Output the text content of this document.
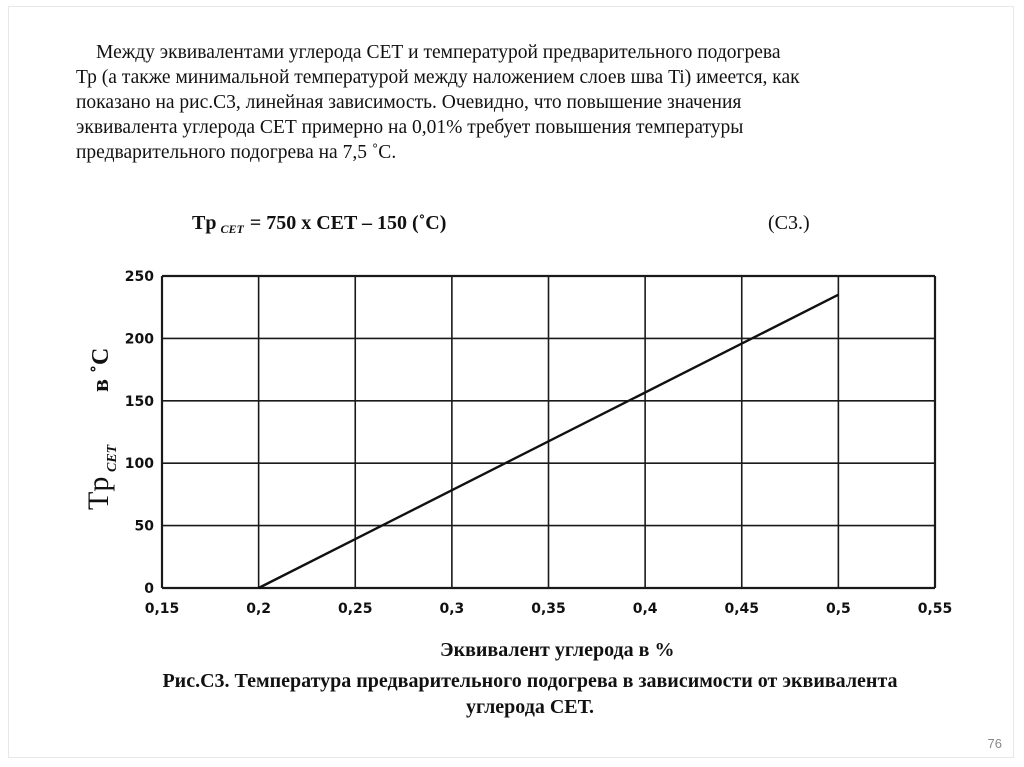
Между эквивалентами углерода СЕТ и температурой предварительного подогрева
Тр (а также минимальной температурой между наложением слоев шва Ti) имеется, как
показано на рис.С3, линейная зависимость. Очевидно, что повышение значения
эквивалента углерода СЕТ примерно на 0,01% требует повышения температуры
предварительного подогрева на 7,5 ˚С.

Tp $_{CET}$ = 750 x CET – 150 (˚C)	(С3.)
0,15	0,2	0,25	0,3	0,35	0,4	0,45	0,5	0,55
0
50
100
150
200
250
Tp
CET
в ˚С
Эквивалент углерода в %
Рис.С3. Температура предварительного подогрева в зависимости от эквивалента
углерода СЕТ.
76
